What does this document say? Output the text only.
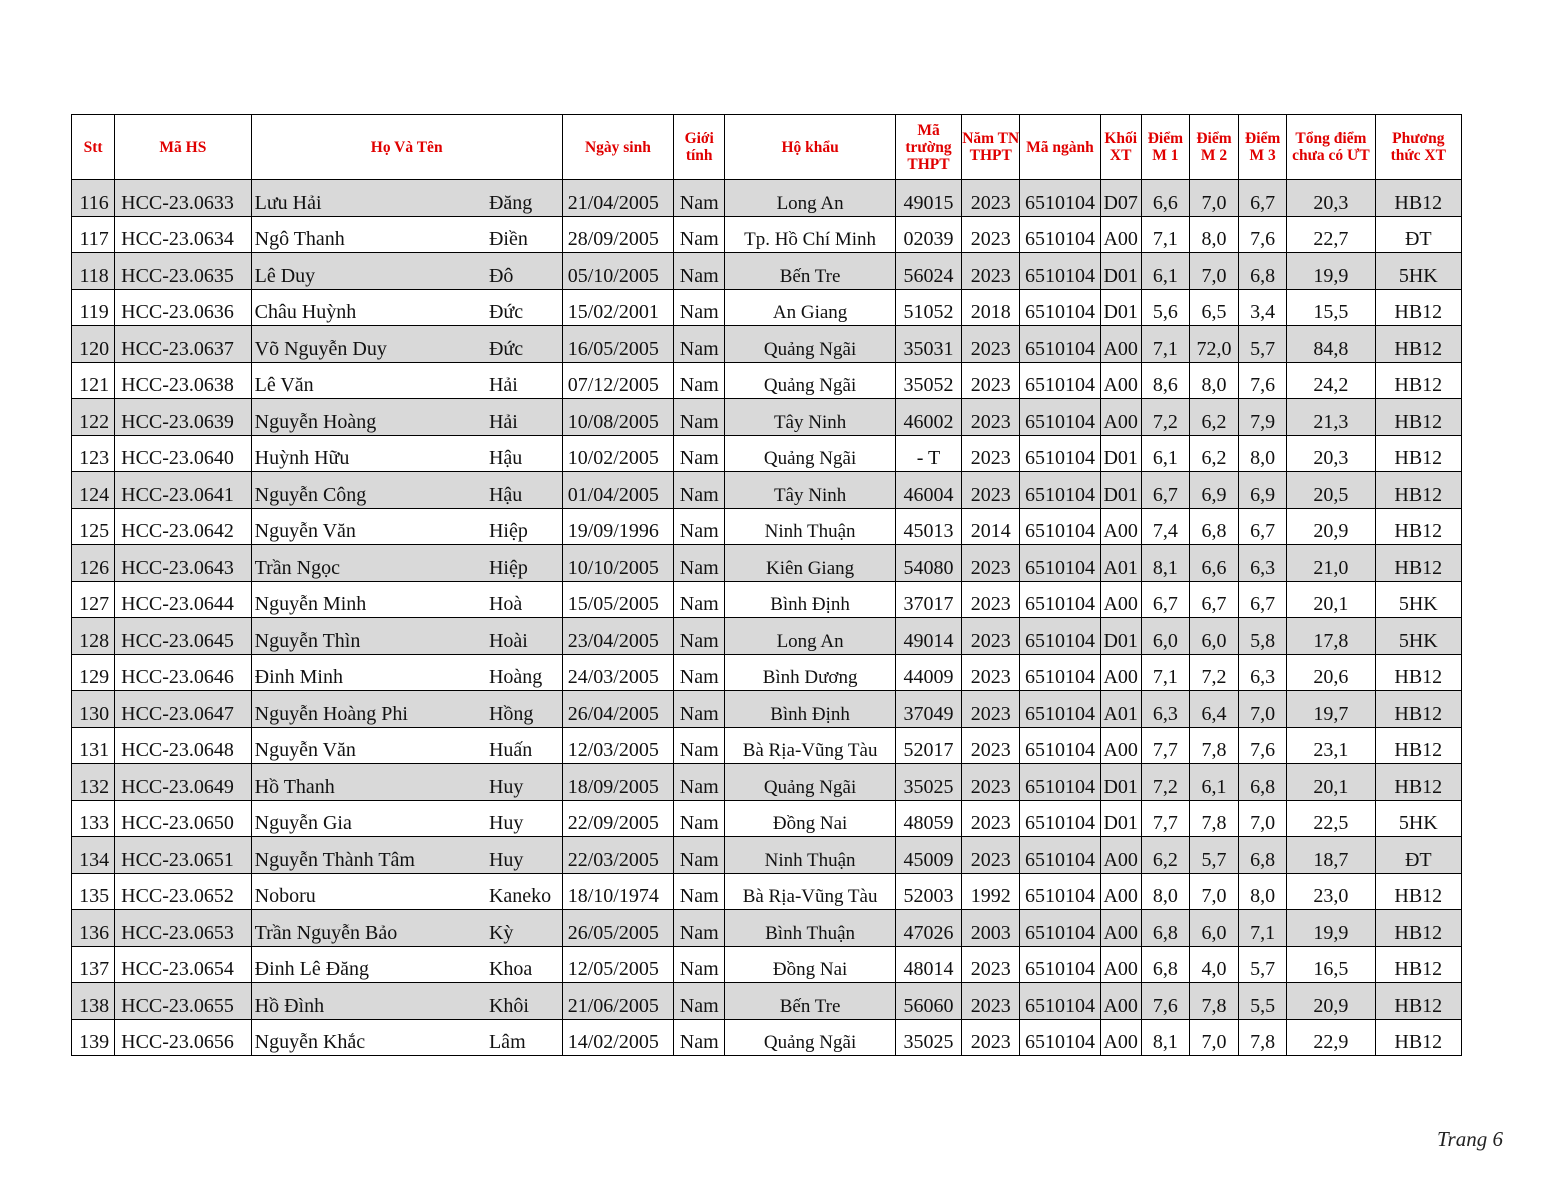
Stt	Mã HS	Họ Và Tên		Ngày sinh	Giới tính	Hộ khẩu	Mã trường THPT	Năm TN THPT	Mã ngành	Khối XT	Điểm M 1	Điểm M 2	Điểm M 3	Tổng điểm chưa có ƯT	Phương thức XT
116	HCC-23.0633	Lưu Hải	Đăng	21/04/2005	Nam	Long An	49015	2023	6510104	D07	6,6	7,0	6,7	20,3	HB12
117	HCC-23.0634	Ngô Thanh	Điền	28/09/2005	Nam	Tp. Hồ Chí Minh	02039	2023	6510104	A00	7,1	8,0	7,6	22,7	ĐT
118	HCC-23.0635	Lê Duy	Đô	05/10/2005	Nam	Bến Tre	56024	2023	6510104	D01	6,1	7,0	6,8	19,9	5HK
119	HCC-23.0636	Châu Huỳnh	Đức	15/02/2001	Nam	An Giang	51052	2018	6510104	D01	5,6	6,5	3,4	15,5	HB12
120	HCC-23.0637	Võ Nguyễn Duy	Đức	16/05/2005	Nam	Quảng Ngãi	35031	2023	6510104	A00	7,1	72,0	5,7	84,8	HB12
121	HCC-23.0638	Lê Văn	Hải	07/12/2005	Nam	Quảng Ngãi	35052	2023	6510104	A00	8,6	8,0	7,6	24,2	HB12
122	HCC-23.0639	Nguyễn Hoàng	Hải	10/08/2005	Nam	Tây Ninh	46002	2023	6510104	A00	7,2	6,2	7,9	21,3	HB12
123	HCC-23.0640	Huỳnh Hữu	Hậu	10/02/2005	Nam	Quảng Ngãi	- T	2023	6510104	D01	6,1	6,2	8,0	20,3	HB12
124	HCC-23.0641	Nguyễn Công	Hậu	01/04/2005	Nam	Tây Ninh	46004	2023	6510104	D01	6,7	6,9	6,9	20,5	HB12
125	HCC-23.0642	Nguyễn Văn	Hiệp	19/09/1996	Nam	Ninh Thuận	45013	2014	6510104	A00	7,4	6,8	6,7	20,9	HB12
126	HCC-23.0643	Trần Ngọc	Hiệp	10/10/2005	Nam	Kiên Giang	54080	2023	6510104	A01	8,1	6,6	6,3	21,0	HB12
127	HCC-23.0644	Nguyễn Minh	Hoà	15/05/2005	Nam	Bình Định	37017	2023	6510104	A00	6,7	6,7	6,7	20,1	5HK
128	HCC-23.0645	Nguyễn Thìn	Hoài	23/04/2005	Nam	Long An	49014	2023	6510104	D01	6,0	6,0	5,8	17,8	5HK
129	HCC-23.0646	Đinh Minh	Hoàng	24/03/2005	Nam	Bình Dương	44009	2023	6510104	A00	7,1	7,2	6,3	20,6	HB12
130	HCC-23.0647	Nguyễn Hoàng Phi	Hồng	26/04/2005	Nam	Bình Định	37049	2023	6510104	A01	6,3	6,4	7,0	19,7	HB12
131	HCC-23.0648	Nguyễn Văn	Huấn	12/03/2005	Nam	Bà Rịa-Vũng Tàu	52017	2023	6510104	A00	7,7	7,8	7,6	23,1	HB12
132	HCC-23.0649	Hồ Thanh	Huy	18/09/2005	Nam	Quảng Ngãi	35025	2023	6510104	D01	7,2	6,1	6,8	20,1	HB12
133	HCC-23.0650	Nguyễn Gia	Huy	22/09/2005	Nam	Đồng Nai	48059	2023	6510104	D01	7,7	7,8	7,0	22,5	5HK
134	HCC-23.0651	Nguyễn Thành Tâm	Huy	22/03/2005	Nam	Ninh Thuận	45009	2023	6510104	A00	6,2	5,7	6,8	18,7	ĐT
135	HCC-23.0652	Noboru	Kaneko	18/10/1974	Nam	Bà Rịa-Vũng Tàu	52003	1992	6510104	A00	8,0	7,0	8,0	23,0	HB12
136	HCC-23.0653	Trần Nguyễn Bảo	Kỳ	26/05/2005	Nam	Bình Thuận	47026	2003	6510104	A00	6,8	6,0	7,1	19,9	HB12
137	HCC-23.0654	Đinh Lê Đăng	Khoa	12/05/2005	Nam	Đồng Nai	48014	2023	6510104	A00	6,8	4,0	5,7	16,5	HB12
138	HCC-23.0655	Hồ Đình	Khôi	21/06/2005	Nam	Bến Tre	56060	2023	6510104	A00	7,6	7,8	5,5	20,9	HB12
139	HCC-23.0656	Nguyễn Khắc	Lâm	14/02/2005	Nam	Quảng Ngãi	35025	2023	6510104	A00	8,1	7,0	7,8	22,9	HB12
Trang 6
